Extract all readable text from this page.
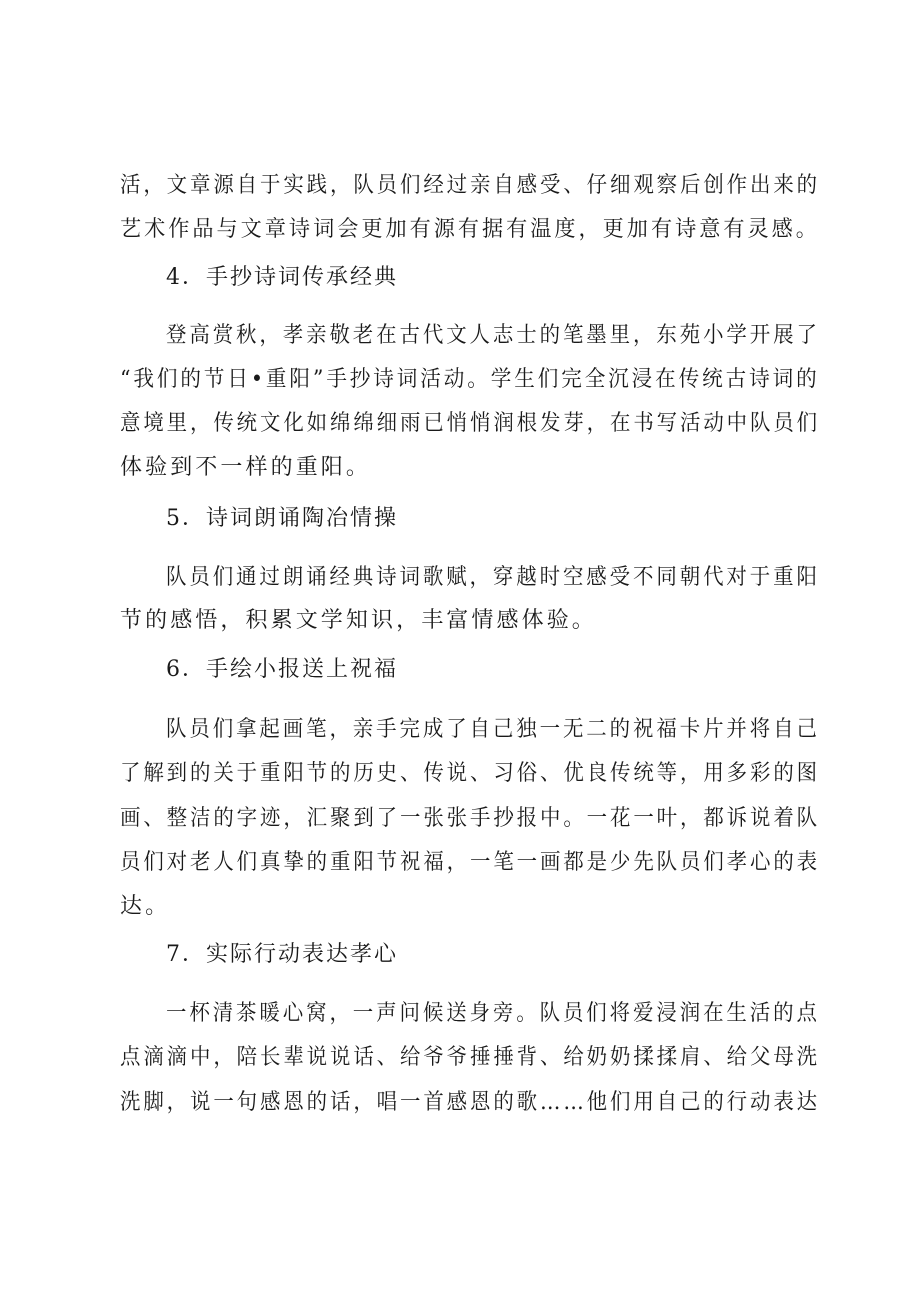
活，文章源自于实践，队员们经过亲自感受、仔细观察后创作出来的
艺术作品与文章诗词会更加有源有据有温度，更加有诗意有灵感。
4．手抄诗词传承经典
登高赏秋，孝亲敬老在古代文人志士的笔墨里，东苑小学开展了
“我们的节日•重阳”手抄诗词活动。学生们完全沉浸在传统古诗词的
意境里，传统文化如绵绵细雨已悄悄润根发芽，在书写活动中队员们
体验到不一样的重阳。
5．诗词朗诵陶冶情操
队员们通过朗诵经典诗词歌赋，穿越时空感受不同朝代对于重阳
节的感悟，积累文学知识，丰富情感体验。
6．手绘小报送上祝福
队员们拿起画笔，亲手完成了自己独一无二的祝福卡片并将自己
了解到的关于重阳节的历史、传说、习俗、优良传统等，用多彩的图
画、整洁的字迹，汇聚到了一张张手抄报中。一花一叶，都诉说着队
员们对老人们真挚的重阳节祝福，一笔一画都是少先队员们孝心的表
达。
7．实际行动表达孝心
一杯清茶暖心窝，一声问候送身旁。队员们将爱浸润在生活的点
点滴滴中，陪长辈说说话、给爷爷捶捶背、给奶奶揉揉肩、给父母洗
洗脚，说一句感恩的话，唱一首感恩的歌……他们用自己的行动表达
